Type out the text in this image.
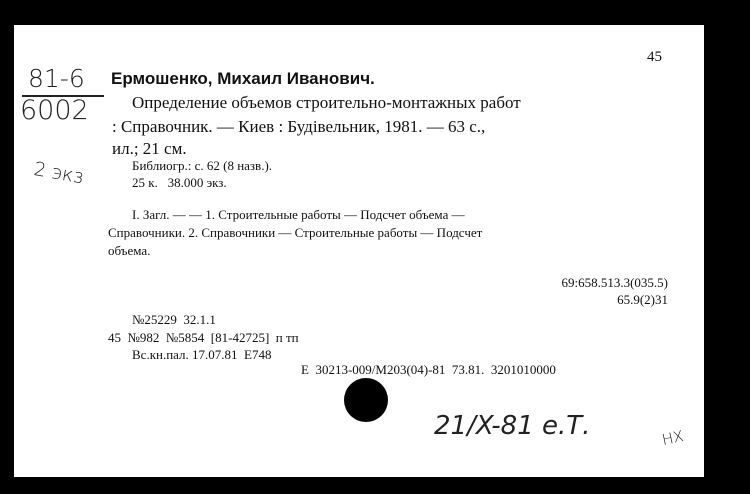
45
81-6
6002
2 экз
Ермошенко, Михаил Иванович.
Определение объемов строительно-монтажных работ
: Справочник. — Киев : Будівельник, 1981. — 63 с.,
ил.; 21 см.
Библиогр.: с. 62 (8 назв.).
25 к.   38.000 экз.
I. Загл. — — 1. Строительные работы — Подсчет объема —
Справочники. 2. Справочники — Строительные работы — Подсчет
объема.
69:658.513.3(035.5)
65.9(2)31
№25229  32.1.1
45  №982  №5854  [81-42725]  п тп
Вс.кн.пал. 17.07.81  Е748
Е  30213-009/М203(04)-81  73.81.  3201010000
21/X-81 е.Т.	НХ
